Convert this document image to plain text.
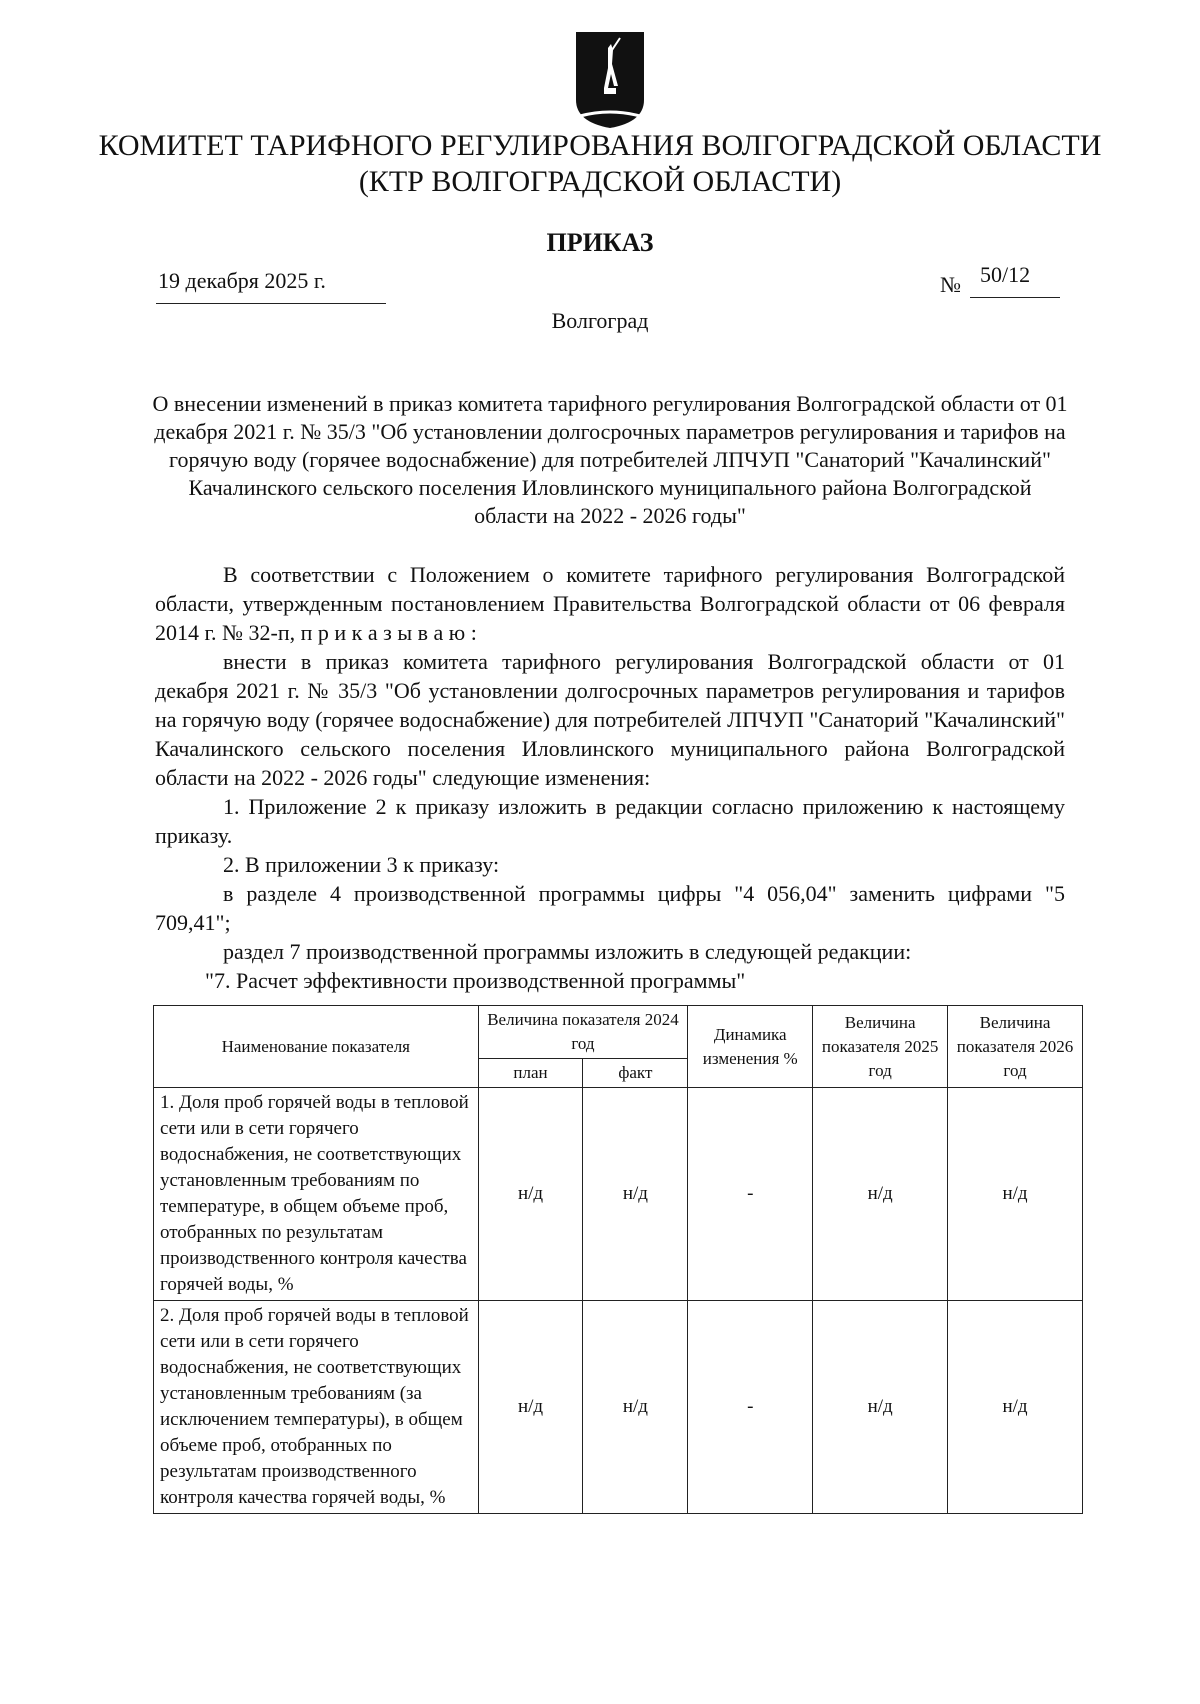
КОМИТЕТ ТАРИФНОГО РЕГУЛИРОВАНИЯ ВОЛГОГРАДСКОЙ ОБЛАСТИ
(КТР ВОЛГОГРАДСКОЙ ОБЛАСТИ)
ПРИКАЗ
19 декабря 2025 г.	№ 50/12
Волгоград
О внесении изменений в приказ комитета тарифного регулирования Волгоградской области от 01 декабря 2021 г. № 35/3 "Об установлении долгосрочных параметров регулирования и тарифов на горячую воду (горячее водоснабжение) для потребителей ЛПЧУП "Санаторий "Качалинский" Качалинского сельского поселения Иловлинского муниципального района Волгоградской области на 2022 - 2026 годы"

В соответствии с Положением о комитете тарифного регулирования Волгоградской области, утвержденным постановлением Правительства Волгоградской области от 06 февраля 2014 г. № 32-п, п р и к а з ы в а ю :

внести в приказ комитета тарифного регулирования Волгоградской области от 01 декабря 2021 г. № 35/3 "Об установлении долгосрочных параметров регулирования и тарифов на горячую воду (горячее водоснабжение) для потребителей ЛПЧУП "Санаторий "Качалинский" Качалинского сельского поселения Иловлинского муниципального района Волгоградской области на 2022 - 2026 годы" следующие изменения:

1. Приложение 2 к приказу изложить в редакции согласно приложению к настоящему приказу.

2. В приложении 3 к приказу:

в разделе 4 производственной программы цифры "4 056,04" заменить цифрами "5 709,41";

раздел 7 производственной программы изложить в следующей редакции:

"7. Расчет эффективности производственной программы"

Наименование показателя	Величина показателя 2024 год		Динамика изменения %	Величина показателя 2025 год	Величина показателя 2026 год
	план	факт			
1. Доля проб горячей воды в тепловой сети или в сети горячего водоснабжения, не соответствующих установленным требованиям по температуре, в общем объеме проб, отобранных по результатам производственного контроля качества горячей воды, %	н/д	н/д	-	н/д	н/д
2. Доля проб горячей воды в тепловой сети или в сети горячего водоснабжения, не соответствующих установленным требованиям (за исключением температуры), в общем объеме проб, отобранных по результатам производственного контроля качества горячей воды, %	н/д	н/д	-	н/д	н/д
